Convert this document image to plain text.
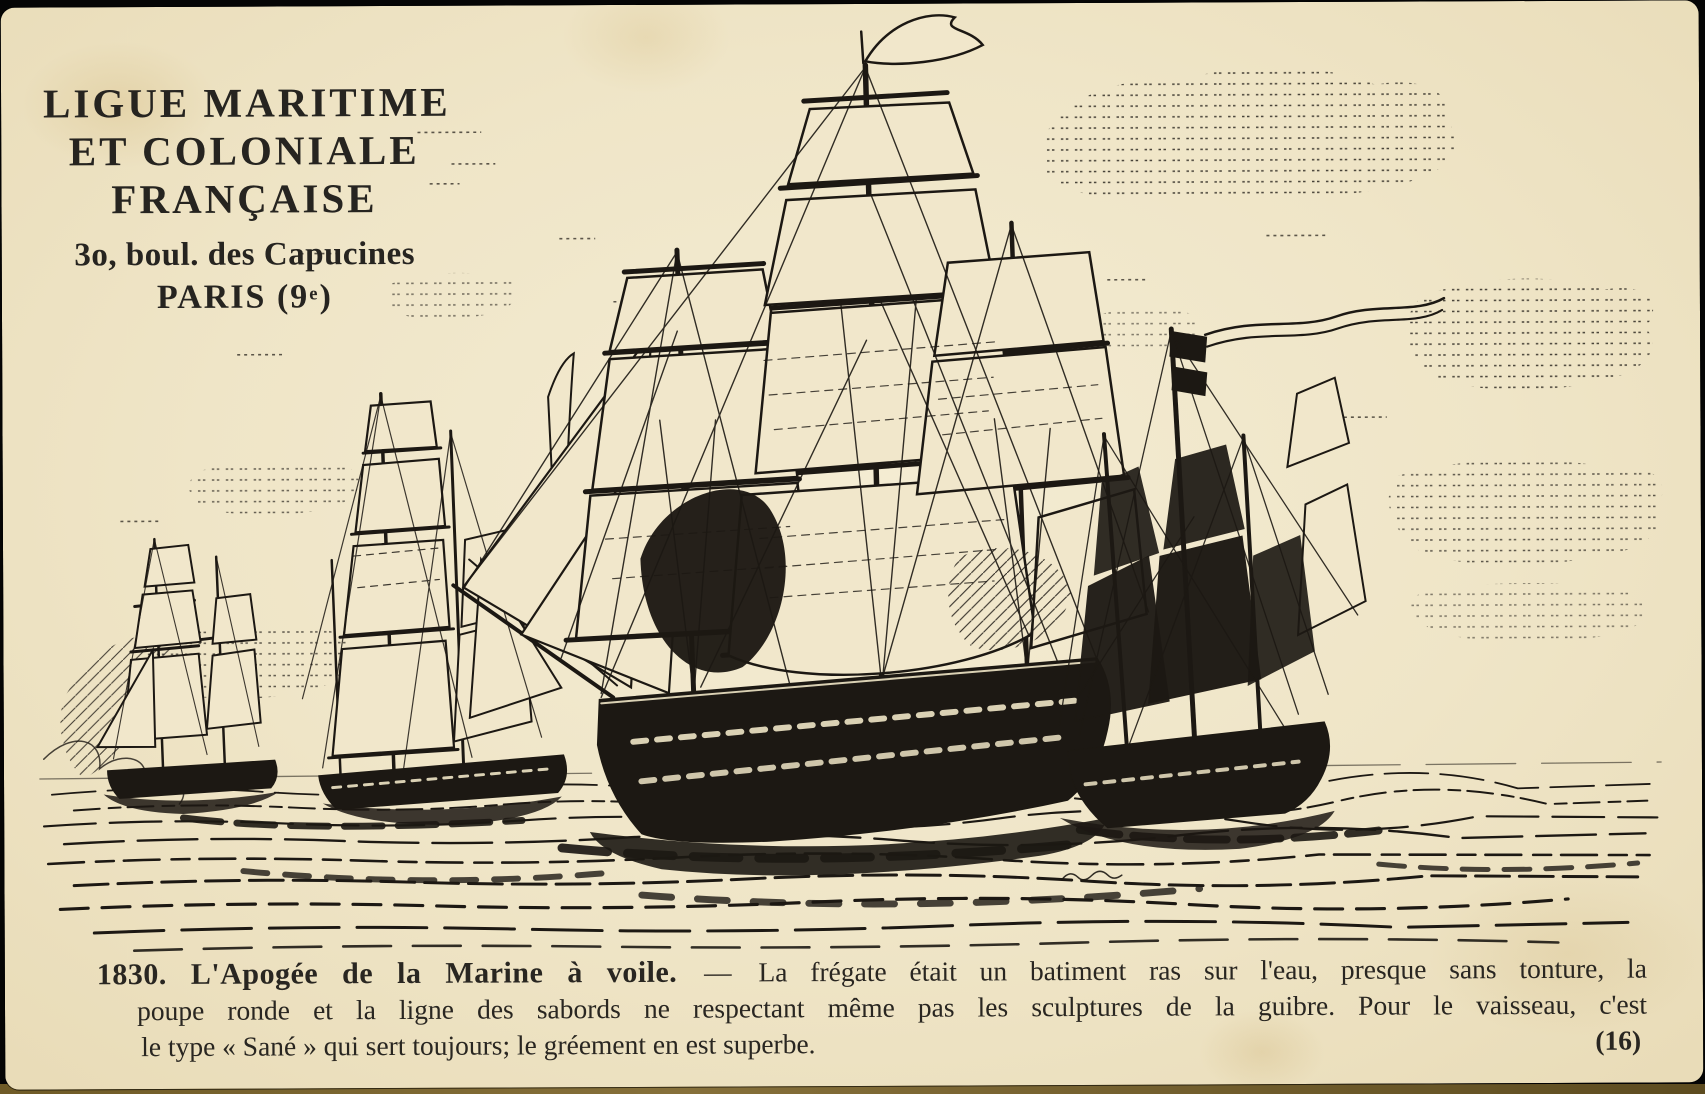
LIGUE MARITIME
ET COLONIALE
FRANÇAISE
3o, boul. des Capucines
PARIS (9e)
1830. L'Apogée de la Marine à voile. — La frégate était un batiment ras sur l'eau, presque sans tonture, la
poupe ronde et la ligne des sabords ne respectant même pas les sculptures de la guibre. Pour le vaisseau, c'est
le type « Sané » qui sert toujours; le gréement en est superbe.	(16)
